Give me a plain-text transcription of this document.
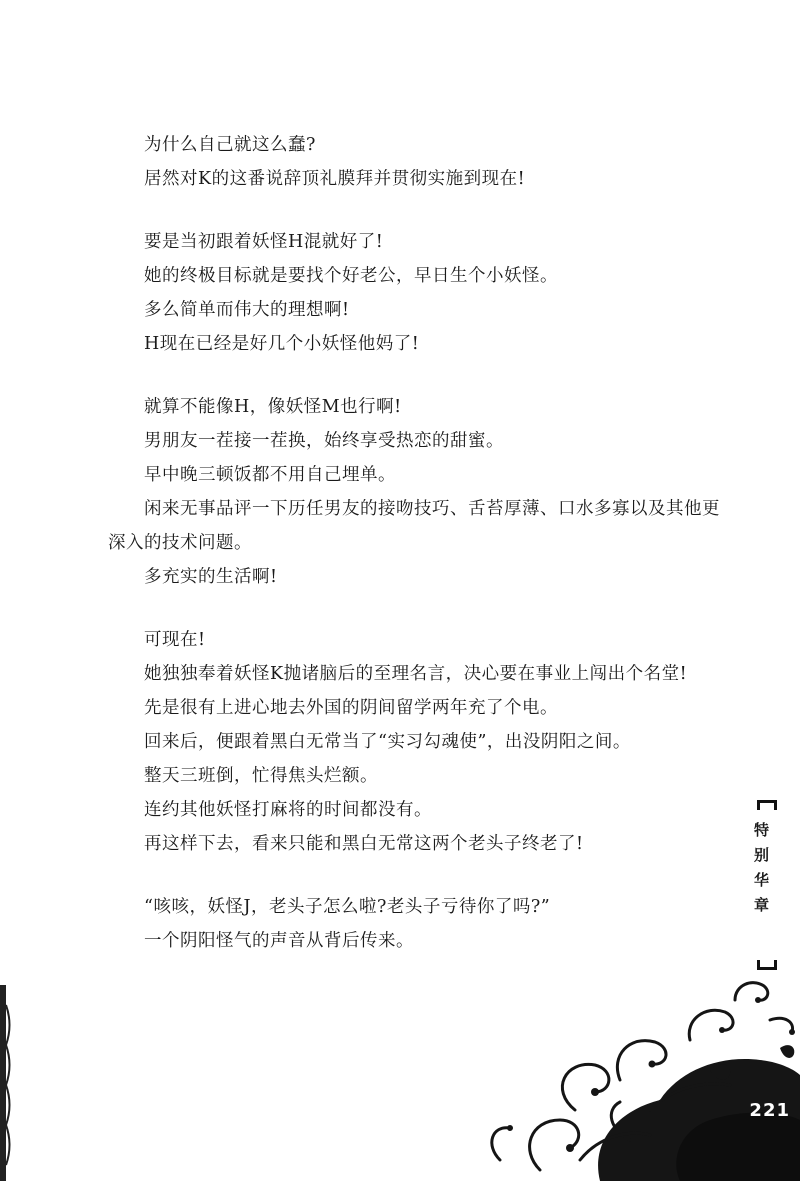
为什么自己就这么蠢?

居然对K的这番说辞顶礼膜拜并贯彻实施到现在!

要是当初跟着妖怪H混就好了!

她的终极目标就是要找个好老公，早日生个小妖怪。

多么简单而伟大的理想啊!

H现在已经是好几个小妖怪他妈了!

就算不能像H，像妖怪M也行啊!

男朋友一茬接一茬换，始终享受热恋的甜蜜。

早中晚三顿饭都不用自己埋单。

闲来无事品评一下历任男友的接吻技巧、舌苔厚薄、口水多寡以及其他更深入的技术问题。

多充实的生活啊!

可现在!

她独独奉着妖怪K抛诸脑后的至理名言，决心要在事业上闯出个名堂!

先是很有上进心地去外国的阴间留学两年充了个电。

回来后，便跟着黑白无常当了“实习勾魂使”，出没阴阳之间。

整天三班倒，忙得焦头烂额。

连约其他妖怪打麻将的时间都没有。

再这样下去，看来只能和黑白无常这两个老头子终老了!

“咳咳，妖怪J，老头子怎么啦?老头子亏待你了吗?”

一个阴阳怪气的声音从背后传来。

特别华章
221
